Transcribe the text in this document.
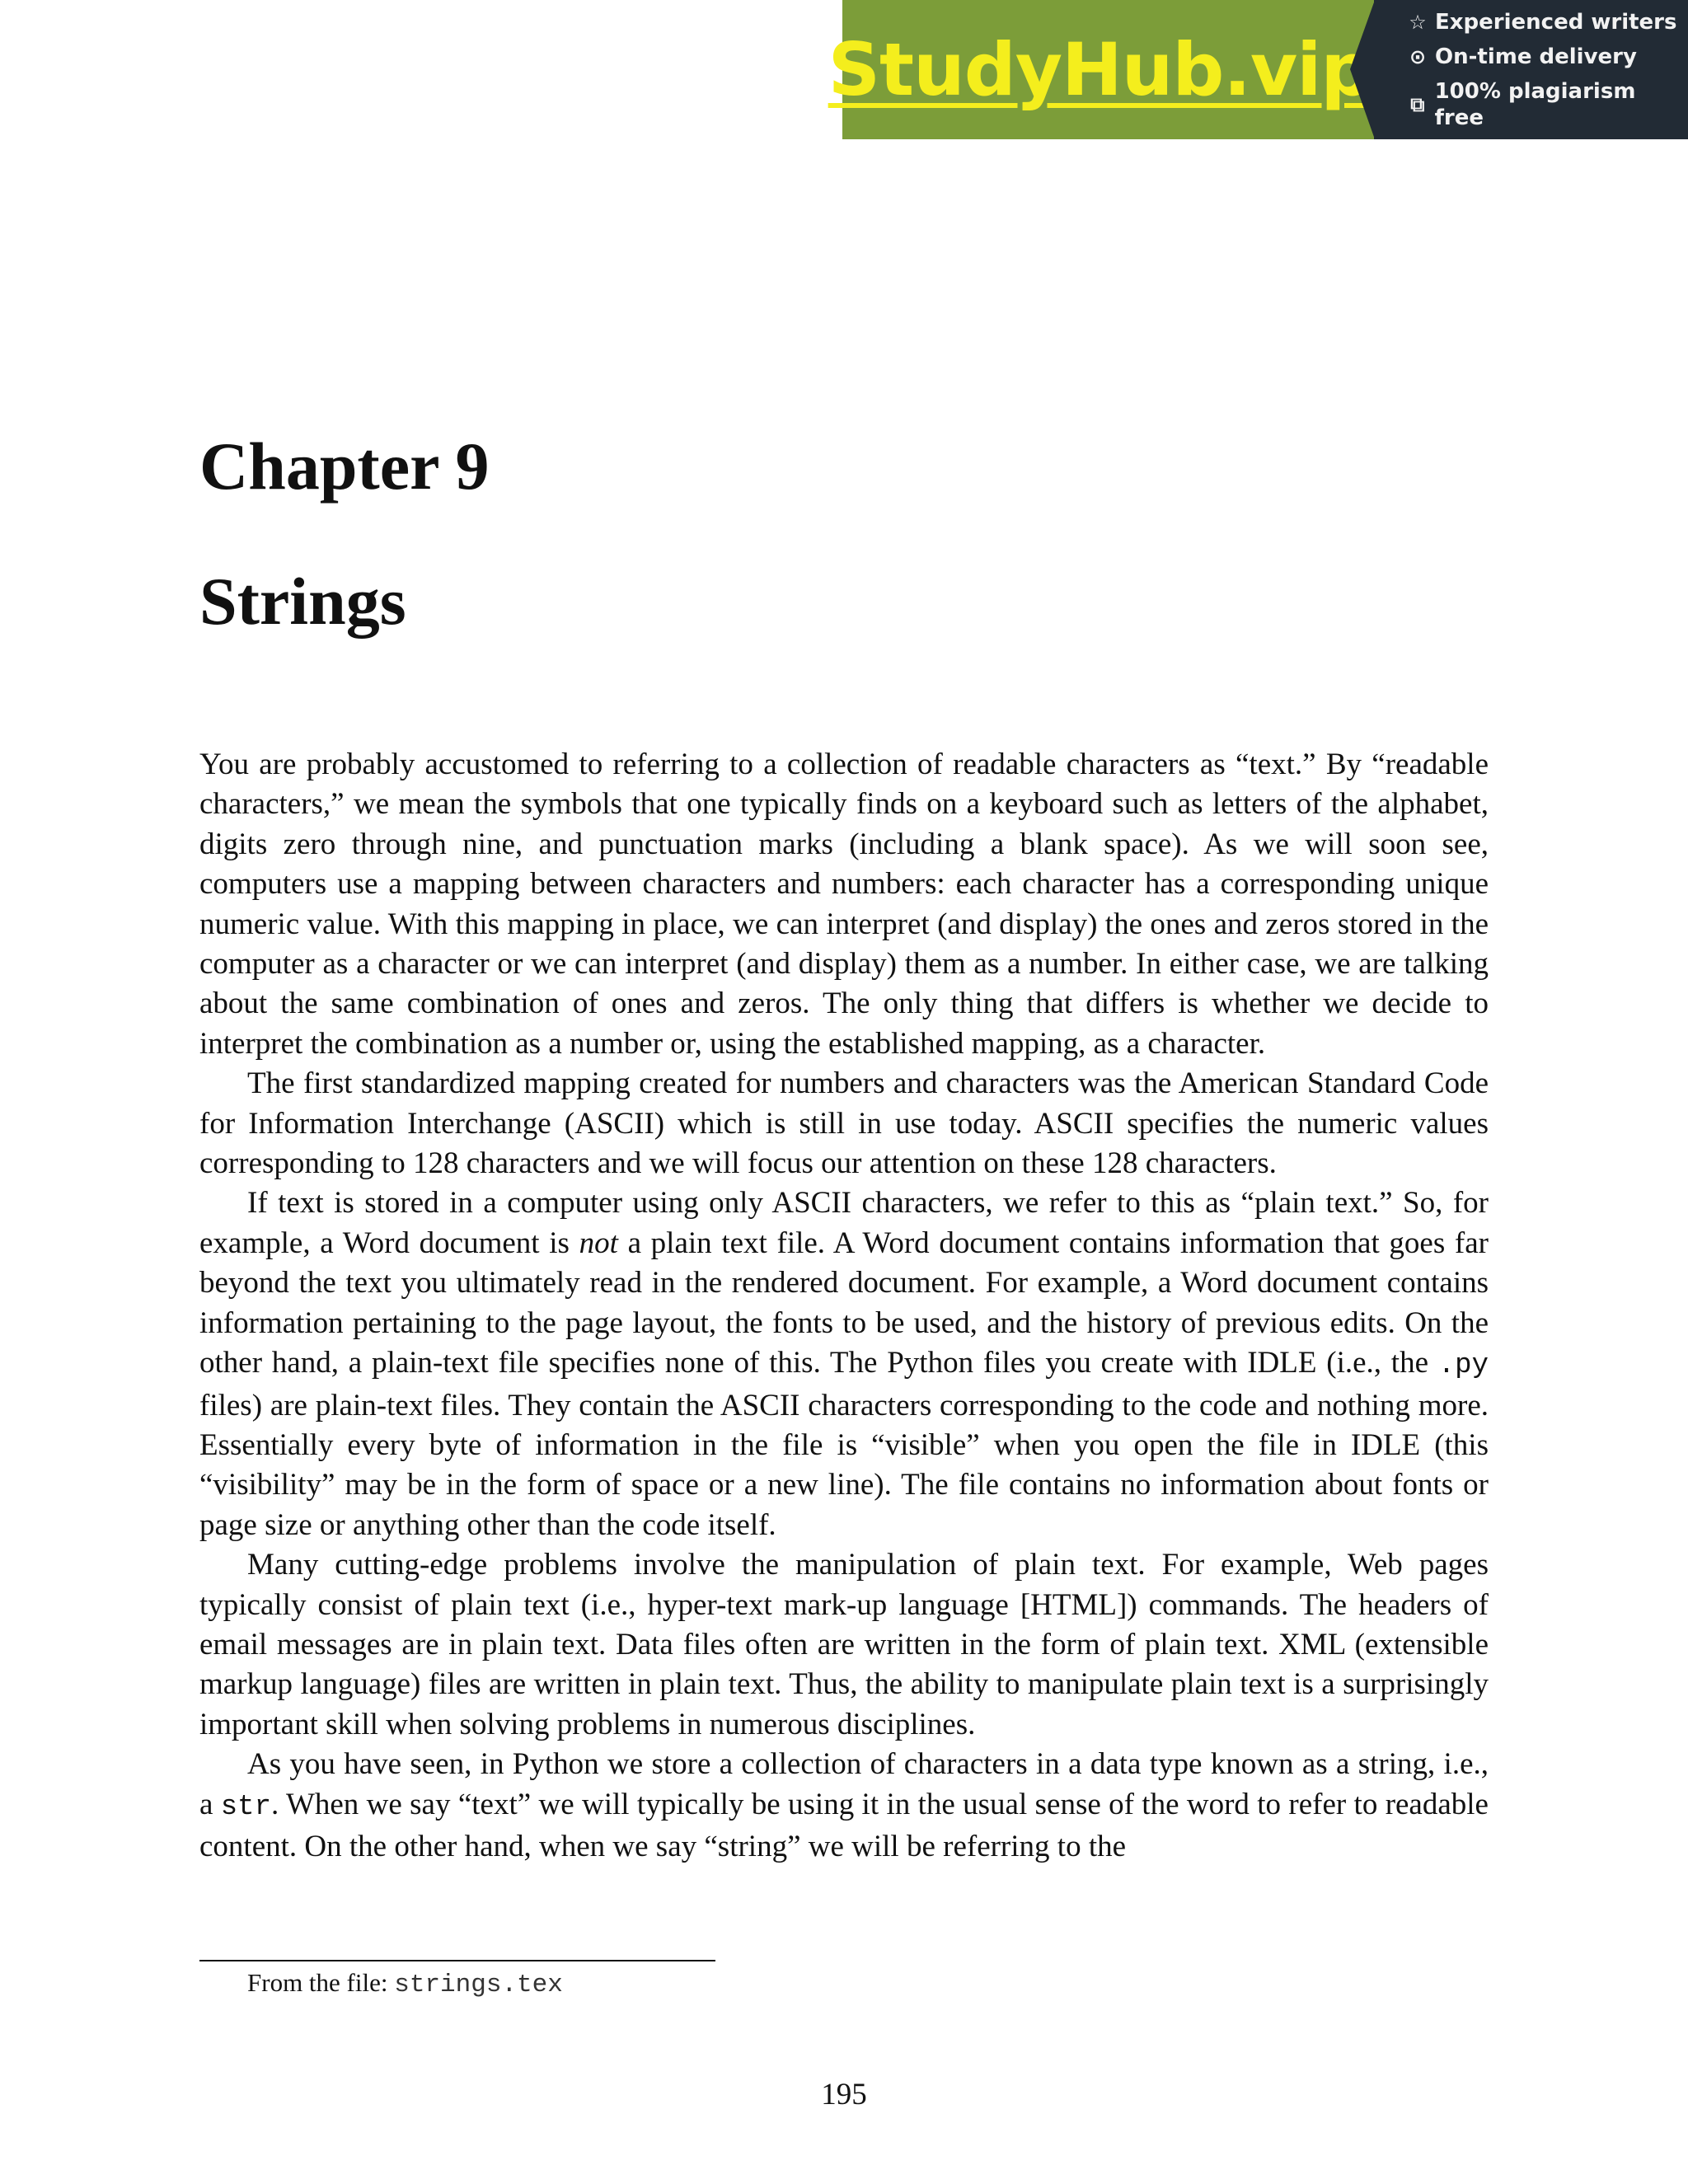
StudyHub.vip
☆ Experienced writers
⊙ On-time delivery
⧉
100% plagiarism free
Chapter 9
Strings

You are probably accustomed to referring to a collection of readable characters as “text.” By “readable characters,” we mean the symbols that one typically finds on a keyboard such as letters of the alphabet, digits zero through nine, and punctuation marks (including a blank space). As we will soon see, computers use a mapping between characters and numbers: each character has a corresponding unique numeric value. With this mapping in place, we can interpret (and display) the ones and zeros stored in the computer as a character or we can interpret (and display) them as a number. In either case, we are talking about the same combination of ones and zeros. The only thing that differs is whether we decide to interpret the combination as a number or, using the established mapping, as a character.

The first standardized mapping created for numbers and characters was the American Standard Code for Information Interchange (ASCII) which is still in use today. ASCII specifies the numeric values corresponding to 128 characters and we will focus our attention on these 128 characters.

If text is stored in a computer using only ASCII characters, we refer to this as “plain text.” So, for example, a Word document is not a plain text file. A Word document contains information that goes far beyond the text you ultimately read in the rendered document. For example, a Word document contains information pertaining to the page layout, the fonts to be used, and the history of previous edits. On the other hand, a plain-text file specifies none of this. The Python files you create with IDLE (i.e., the .py files) are plain-text files. They contain the ASCII characters corresponding to the code and nothing more. Essentially every byte of information in the file is “visible” when you open the file in IDLE (this “visibility” may be in the form of space or a new line). The file contains no information about fonts or page size or anything other than the code itself.

Many cutting-edge problems involve the manipulation of plain text. For example, Web pages typically consist of plain text (i.e., hyper-text mark-up language [HTML]) commands. The headers of email messages are in plain text. Data files often are written in the form of plain text. XML (extensible markup language) files are written in plain text. Thus, the ability to manipulate plain text is a surprisingly important skill when solving problems in numerous disciplines.

As you have seen, in Python we store a collection of characters in a data type known as a string, i.e., a str. When we say “text” we will typically be using it in the usual sense of the word to refer to readable content. On the other hand, when we say “string” we will be referring to the

From the file: strings.tex
195
